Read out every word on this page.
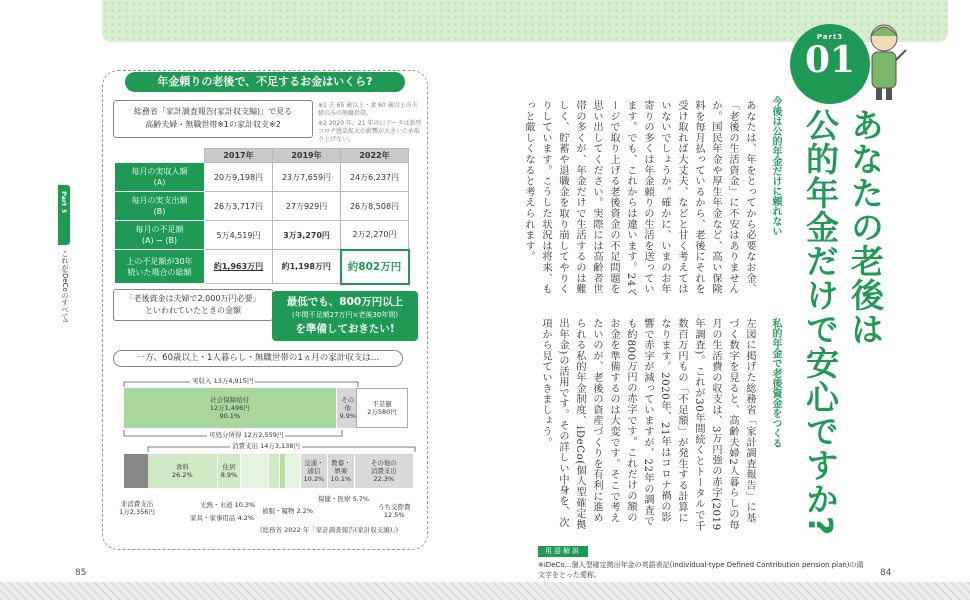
85	84
Part 3
これがiDeCoのすべて!
年金頼りの老後で、不足するお金はいくら?
総務省「家計調査報告(家計収支編)」で見る
高齢夫婦・無職世帯※1の家計収支※2
※1 夫 65 歳以上・妻 60 歳以上の夫婦のみの無職世帯。
※2 2020 年、21 年の日データは新型コロナ感染拡大の影響が大きいため取り上げない。
	2017年	2019年	2022年

毎月の実収入額
(A)	20万9,198円	23万7,659円	24万6,237円

毎月の実支出額
(B)	26万3,717円	27万929円	26万8,508円

毎月の不足額
(A) − (B)	5万4,519円	3万3,270円	2万2,270円

上の不足額が30年
続いた場合の総額	約1,963万円	約1,198万円	約802万円
「老後資金は夫婦で2,000万円必要」
といわれていたときの金額
最低でも、800万円以上
(年間不足額27万円×老後30年間)
を準備しておきたい!
一方、60歳以上・1人暮らし・無職世帯の1ヵ月の家計収支は…
実収入 13万4,915円
社会保障給付
12万1,496円
90.1%
その
他
9.9%
不足額
2万580円
可処分所得 12万2,559円
消費支出 14万3,138円
食料
26.2%
住居
8.9%
交通・
通信
10.2%
教養・
娯楽
10.1%
その他の
消費支出
22.3%
非消費支出
1万2,356円
光熱・水道 10.3%
家具・家事用品 4.2%
被服・履物 2.2%
保健・医療 5.7%
うち交際費
12.5%
(総務省 2022 年「家計調査報告(家計収支編)」)
Part3
01
あなたの老後は
公的年金だけで安心ですか?
今後は公的年金だけに頼れない
あなたは、年をとってから必要なお金、「老後の生活資金」に不安はありませんか。国民年金や厚生年金など、高い保険料を毎月払っているから、老後にそれを受け取れば大丈夫、などと甘く考えてはいないでしょうか。確かに、いまのお年寄りの多くは年金頼りの生活を送っています。でも、これからは違います。24ページで取り上げる老後資金の不足問題を思い出してください。実際には高齢者世帯の多くが、年金だけで生活するのは難しく、貯蓄や退職金を取り崩してやりくりしています。こうした状況は将来、もっと厳しくなると考えられます。
私的年金で老後資金をつくる
左図に掲げた総務省「家計調査報告」に基づく数字を見ると、高齢夫婦2人暮らしの毎月の生活費の収支は、3万円強の赤字(2019年調査)。これが30年間続くとトータルで千数百万円もの「不足額」が発生する計算になります。2020年、21年はコロナ禍の影響で赤字が減っていますが、22年の調査でも約800万円の赤字です。これだけの額のお金を準備するのは大変です。そこで考えたいのが、老後の資産づくりを有利に進められる私的年金制度、iDeCo(個人型確定拠出年金)の活用です。その詳しい中身を、次項から見ていきましょう。
用語解説
※iDeCo…個人型確定拠出年金の英語表記(individual-type Defined Contribution pension plan)の頭文字をとった愛称。
